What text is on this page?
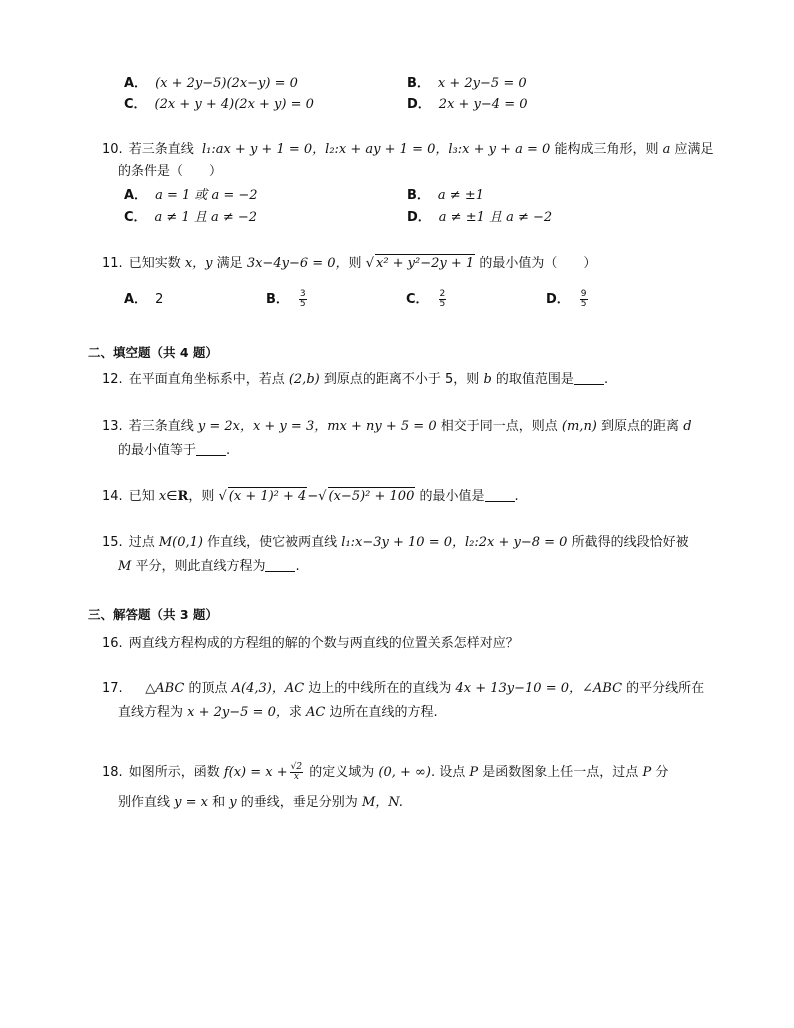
A． (x + 2y−5)(2x−y) = 0	B． x + 2y−5 = 0
C． (2x + y + 4)(2x + y) = 0	D． 2x + y−4 = 0
10. 若三条直线 l₁:ax + y + 1 = 0，l₂:x + ay + 1 = 0，l₃:x + y + a = 0 能构成三角形，则 a 应满足
的条件是（　　）
A． a = 1 或 a = −2	B． a ≠ ±1
C． a ≠ 1 且 a ≠ −2	D． a ≠ ±1 且 a ≠ −2
11. 已知实数 x，y 满足 3x−4y−6 = 0，则 √ x² + y²−2y + 1 的最小值为（　　）
A． 2	B． $\frac{3}{5}$	C． $\frac{2}{5}$	D． $\frac{9}{5}$
二、填空题（共 4 题）
12. 在平面直角坐标系中，若点 (2,b) 到原点的距离不小于 5，则 b 的取值范围是 .
13. 若三条直线 y = 2x，x + y = 3，mx + ny + 5 = 0 相交于同一点，则点 (m,n) 到原点的距离 d
的最小值等于 .
14. 已知 x∈R，则 √ (x + 1)² + 4−√ (x−5)² + 100 的最小值是 .
15. 过点 M(0,1) 作直线，使它被两直线 l₁:x−3y + 10 = 0，l₂:2x + y−8 = 0 所截得的线段恰好被
M 平分，则此直线方程为 .
三、解答题（共 3 题）
16. 两直线方程构成的方程组的解的个数与两直线的位置关系怎样对应？
17. △ABC 的顶点 A(4,3)，AC 边上的中线所在的直线为 4x + 13y−10 = 0，∠ABC 的平分线所在
直线方程为 x + 2y−5 = 0，求 AC 边所在直线的方程.
18. 如图所示，函数 $f(x) = x + \frac{√2}{x}$ 的定义域为 (0, + ∞). 设点 P 是函数图象上任一点，过点 P 分
别作直线 y = x 和 y 的垂线，垂足分别为 M，N.
